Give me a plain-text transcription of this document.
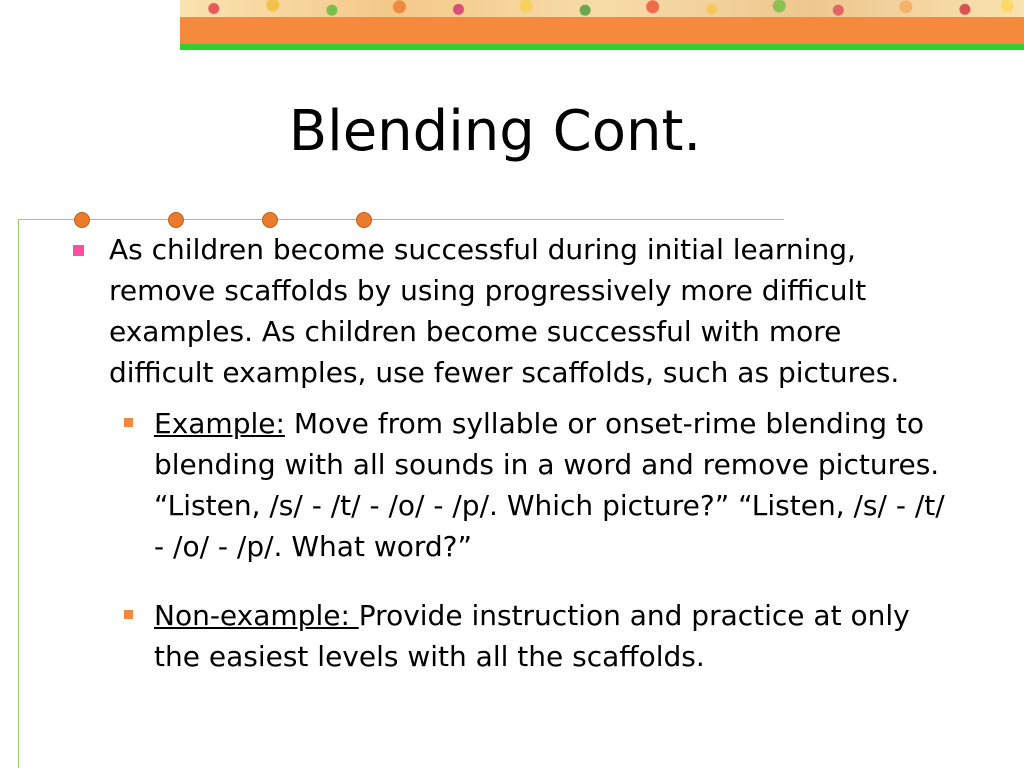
Blending Cont.

As children become successful during initial learning, remove scaffolds by using progressively more difficult examples. As children become successful with more difficult examples, use fewer scaffolds, such as pictures.

Example: Move from syllable or onset-rime blending to blending with all sounds in a word and remove pictures. “Listen, /s/ - /t/ - /o/ - /p/. Which picture?” “Listen, /s/ - /t/ - /o/ - /p/. What word?”

Non-example: Provide instruction and practice at only the easiest levels with all the scaffolds.
